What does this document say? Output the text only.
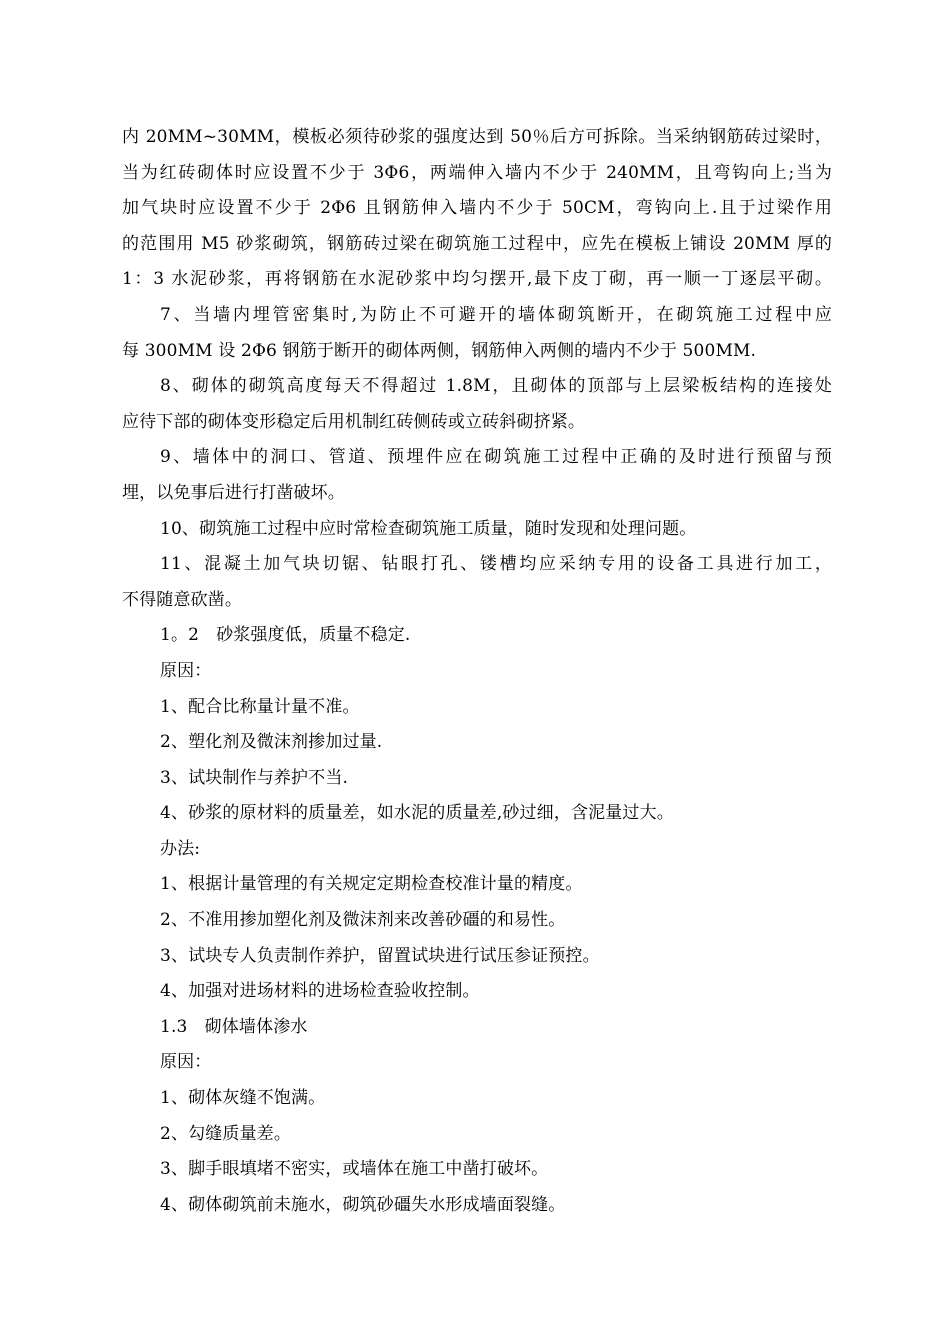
内 20MM~30MM，模板必须待砂浆的强度达到 50％后方可拆除。当采纳钢筋砖过梁时，
当为红砖砌体时应设置不少于 3Φ6，两端伸入墙内不少于 240MM，且弯钩向上;当为
加气块时应设置不少于 2Φ6 且钢筋伸入墙内不少于 50CM，弯钩向上.且于过梁作用
的范围用 M5 砂浆砌筑，钢筋砖过梁在砌筑施工过程中，应先在模板上铺设 20MM 厚的
1：3 水泥砂浆，再将钢筋在水泥砂浆中均匀摆开,最下皮丁砌，再一顺一丁逐层平砌。
7、当墙内埋管密集时,为防止不可避开的墙体砌筑断开，在砌筑施工过程中应
每 300MM 设 2Φ6 钢筋于断开的砌体两侧，钢筋伸入两侧的墙内不少于 500MM.
8、砌体的砌筑高度每天不得超过 1.8M，且砌体的顶部与上层梁板结构的连接处
应待下部的砌体变形稳定后用机制红砖侧砖或立砖斜砌挤紧。
9、墙体中的洞口、管道、预埋件应在砌筑施工过程中正确的及时进行预留与预
埋，以免事后进行打凿破坏。
10、砌筑施工过程中应时常检查砌筑施工质量，随时发现和处理问题。
11、混凝土加气块切锯、钻眼打孔、镂槽均应采纳专用的设备工具进行加工，
不得随意砍凿。
1。2　砂浆强度低，质量不稳定.
原因：
1、配合比称量计量不准。
2、塑化剂及微沫剂掺加过量.
3、试块制作与养护不当.
4、砂浆的原材料的质量差，如水泥的质量差,砂过细，含泥量过大。
办法:
1、根据计量管理的有关规定定期检查校准计量的精度。
2、不准用掺加塑化剂及微沫剂来改善砂礓的和易性。
3、试块专人负责制作养护，留置试块进行试压参证预控。
4、加强对进场材料的进场检查验收控制。
1.3　砌体墙体渗水
原因：
1、砌体灰缝不饱满。
2、勾缝质量差。
3、脚手眼填堵不密实，或墙体在施工中凿打破坏。
4、砌体砌筑前未施水，砌筑砂礓失水形成墙面裂缝。
